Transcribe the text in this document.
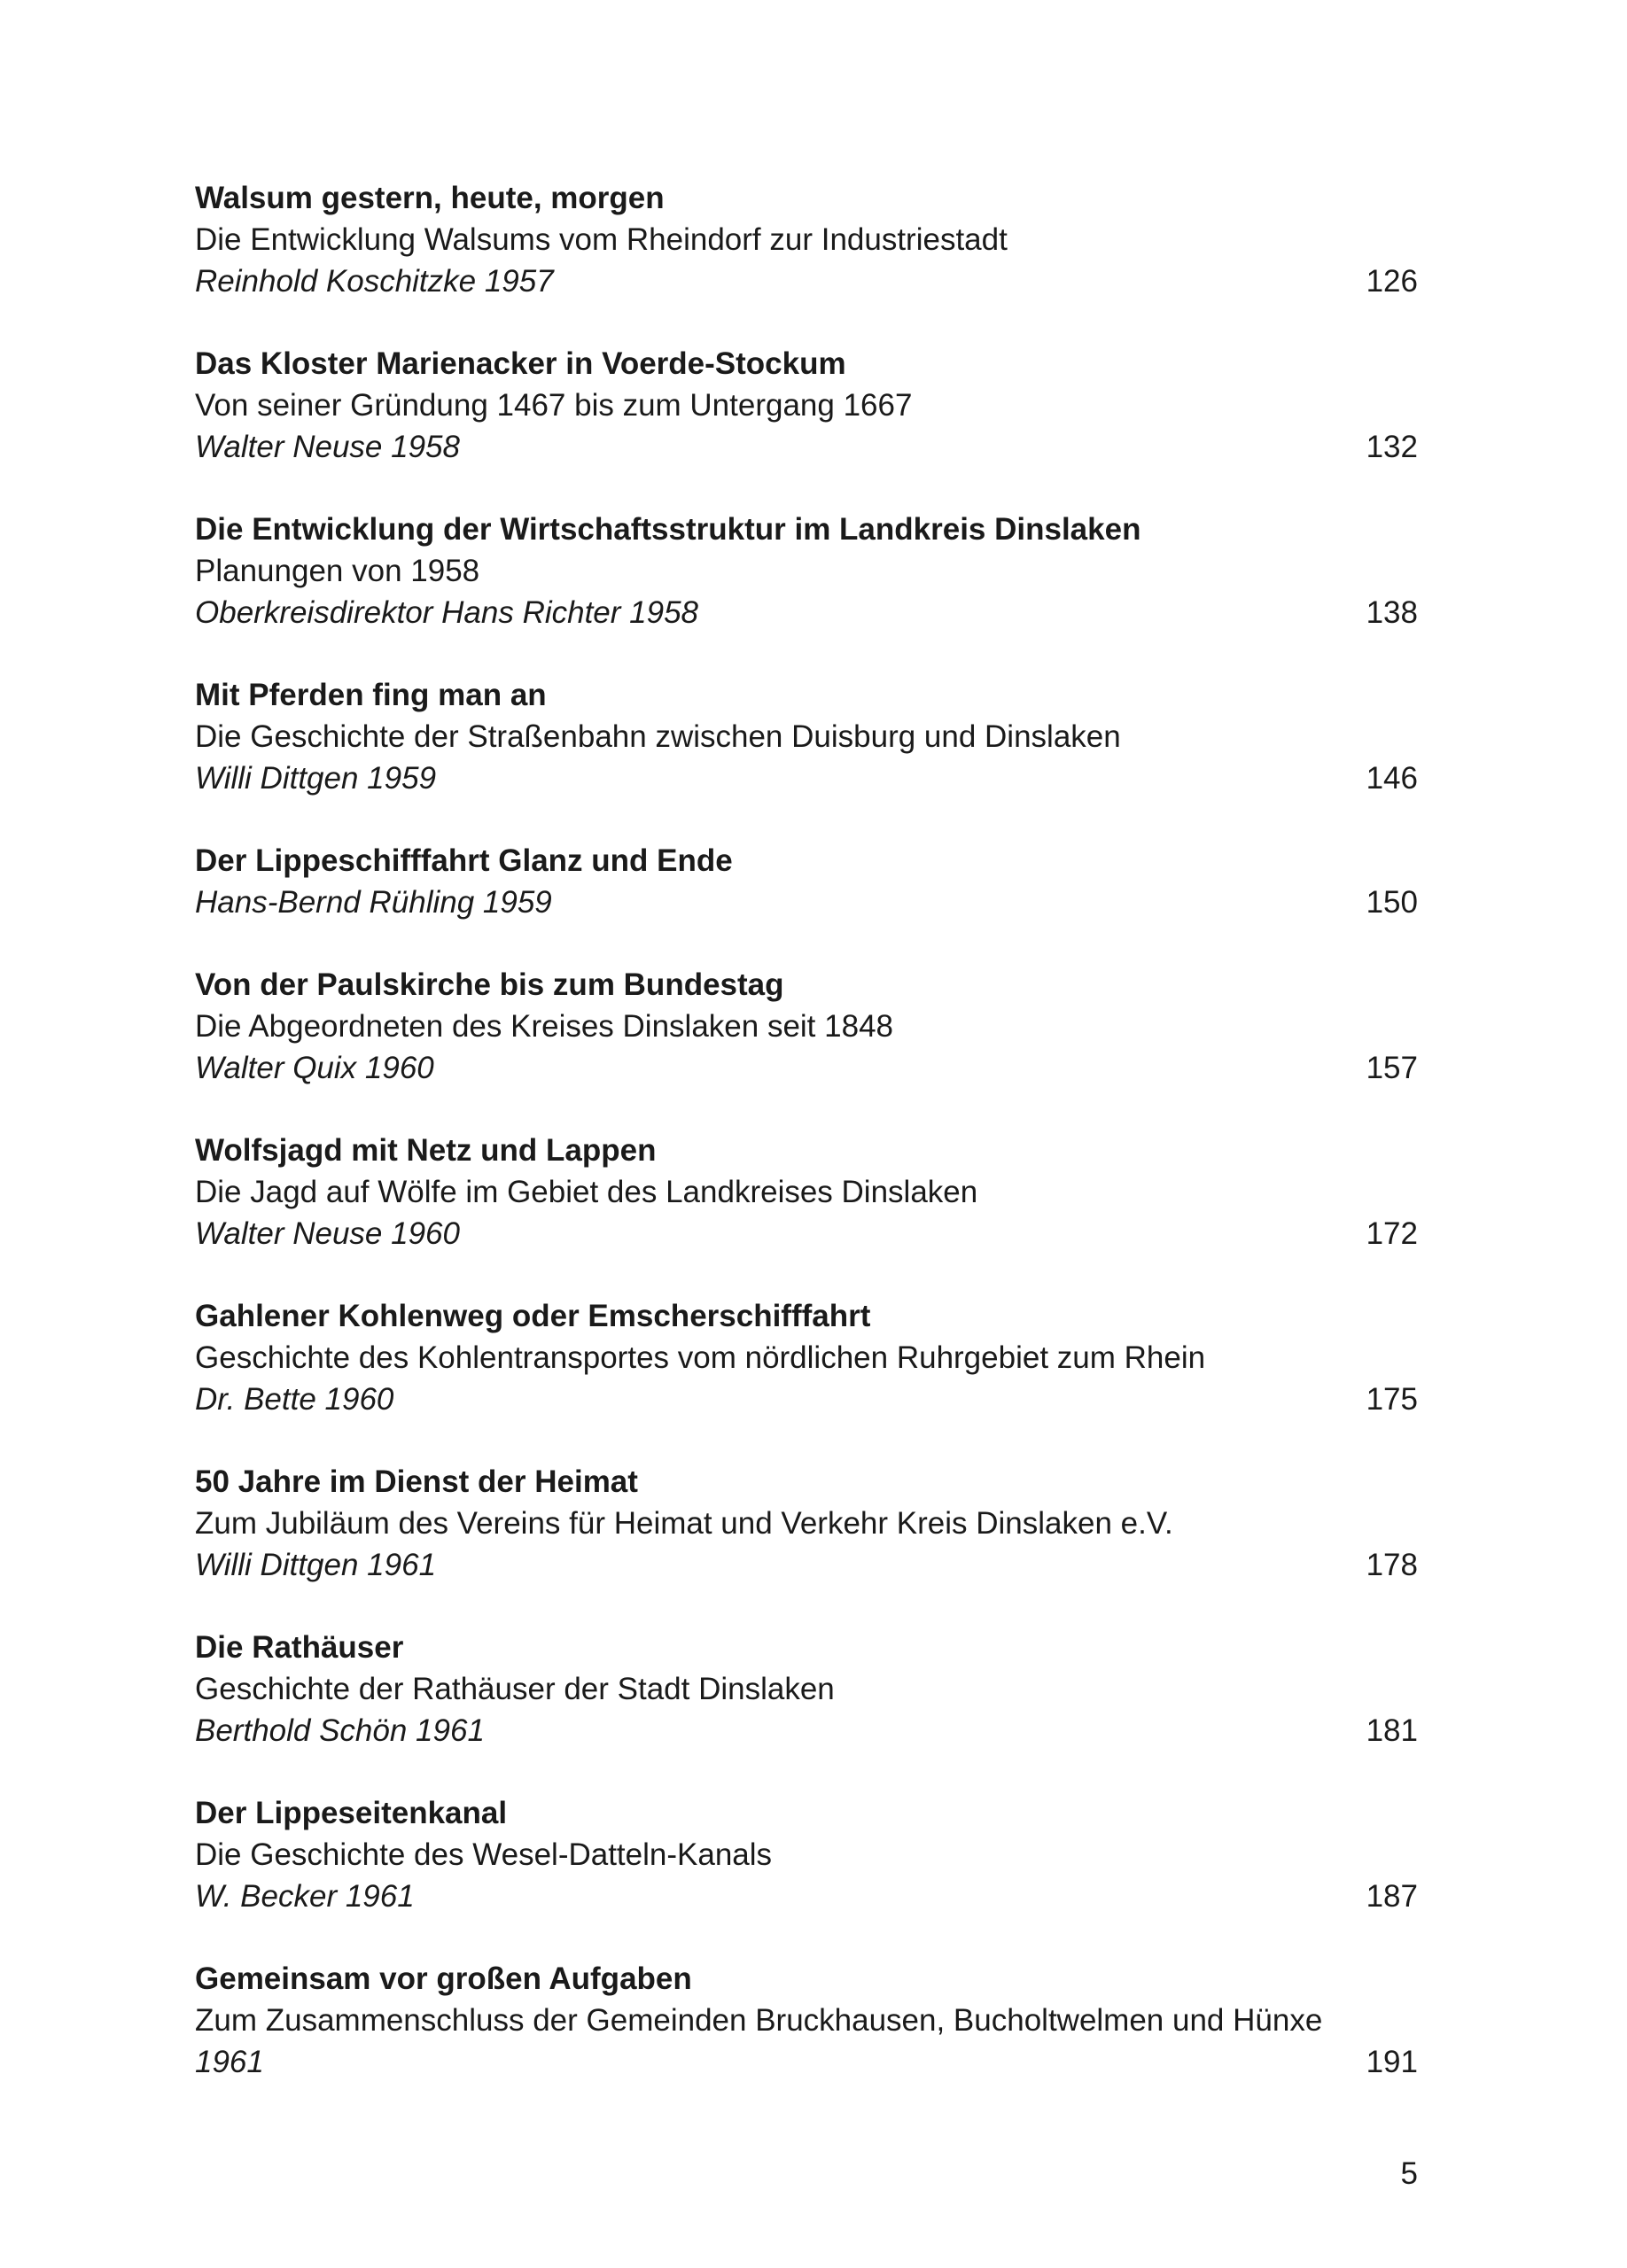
Walsum gestern, heute, morgen
Die Entwicklung Walsums vom Rheindorf zur Industriestadt
Reinhold Koschitzke 1957	126
Das Kloster Marienacker in Voerde-Stockum
Von seiner Gründung 1467 bis zum Untergang 1667
Walter Neuse 1958	132
Die Entwicklung der Wirtschaftsstruktur im Landkreis Dinslaken
Planungen von 1958
Oberkreisdirektor Hans Richter 1958	138
Mit Pferden fing man an
Die Geschichte der Straßenbahn zwischen Duisburg und Dinslaken
Willi Dittgen 1959	146
Der Lippeschifffahrt Glanz und Ende
Hans-Bernd Rühling 1959	150
Von der Paulskirche bis zum Bundestag
Die Abgeordneten des Kreises Dinslaken seit 1848
Walter Quix 1960	157
Wolfsjagd mit Netz und Lappen
Die Jagd auf Wölfe im Gebiet des Landkreises Dinslaken
Walter Neuse 1960	172
Gahlener Kohlenweg oder Emscherschifffahrt
Geschichte des Kohlentransportes vom nördlichen Ruhrgebiet zum Rhein
Dr. Bette 1960	175
50 Jahre im Dienst der Heimat
Zum Jubiläum des Vereins für Heimat und Verkehr Kreis Dinslaken e.V.
Willi Dittgen 1961	178
Die Rathäuser
Geschichte der Rathäuser der Stadt Dinslaken
Berthold Schön 1961	181
Der Lippeseitenkanal
Die Geschichte des Wesel-Datteln-Kanals
W. Becker 1961	187
Gemeinsam vor großen Aufgaben
Zum Zusammenschluss der Gemeinden Bruckhausen, Bucholtwelmen und Hünxe
1961	191
5
